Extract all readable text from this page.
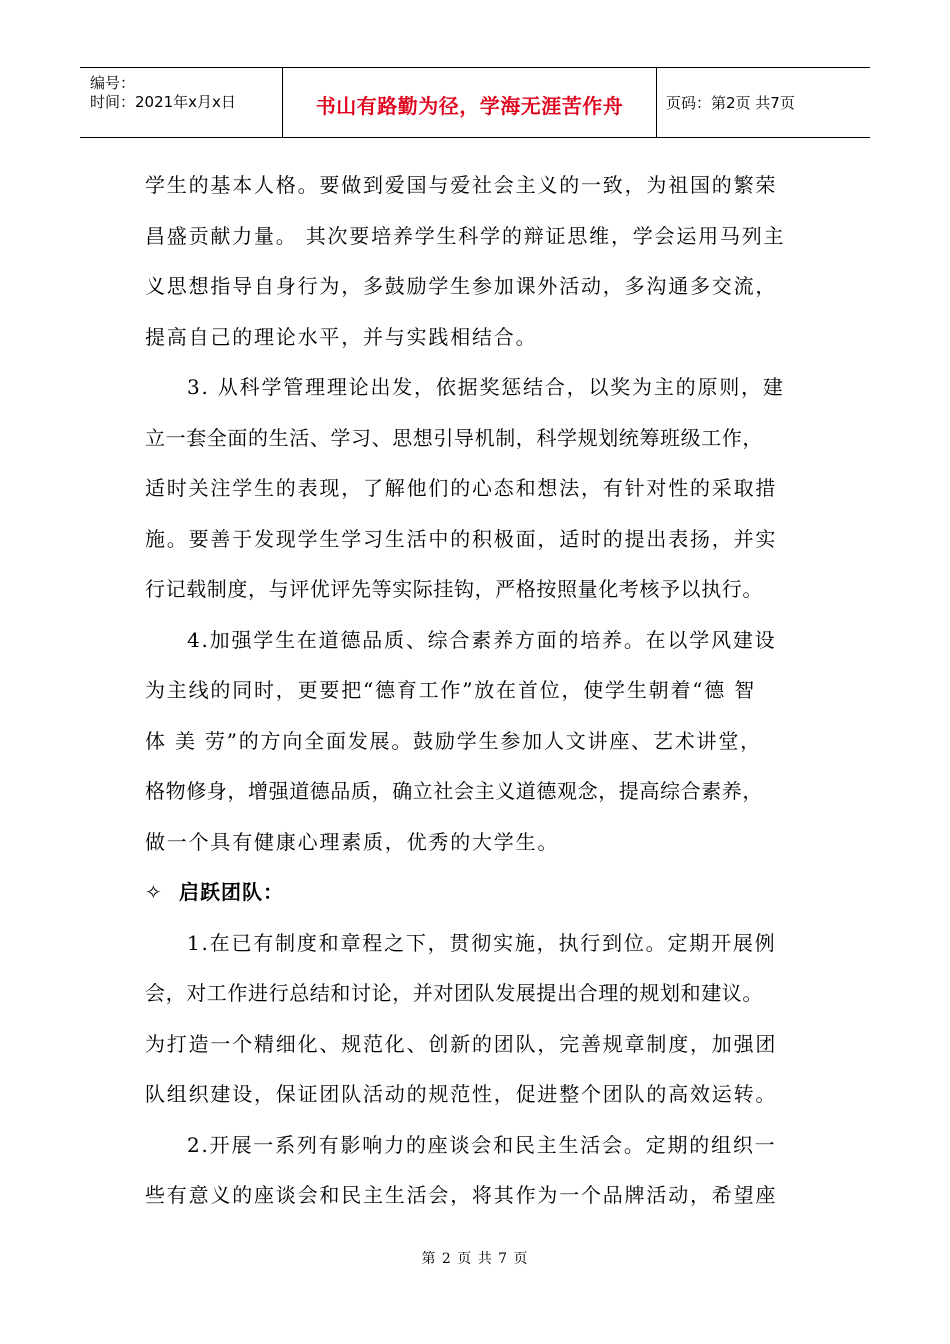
编号：
时间：2021年x月x日	书山有路勤为径，学海无涯苦作舟	页码：第2页 共7页
学生的基本人格。要做到爱国与爱社会主义的一致，为祖国的繁荣
昌盛贡献力量。 其次要培养学生科学的辩证思维，学会运用马列主
义思想指导自身行为，多鼓励学生参加课外活动，多沟通多交流，
提高自己的理论水平，并与实践相结合。
3. 从科学管理理论出发，依据奖惩结合，以奖为主的原则，建
立一套全面的生活、学习、思想引导机制，科学规划统筹班级工作，
适时关注学生的表现，了解他们的心态和想法，有针对性的采取措
施。要善于发现学生学习生活中的积极面，适时的提出表扬，并实
行记载制度，与评优评先等实际挂钩，严格按照量化考核予以执行。
4.加强学生在道德品质、综合素养方面的培养。在以学风建设
为主线的同时，更要把“德育工作”放在首位，使学生朝着“德 智
体 美 劳”的方向全面发展。鼓励学生参加人文讲座、艺术讲堂，
格物修身，增强道德品质，确立社会主义道德观念，提高综合素养，
做一个具有健康心理素质，优秀的大学生。
✧ 启跃团队：
1.在已有制度和章程之下，贯彻实施，执行到位。定期开展例
会，对工作进行总结和讨论，并对团队发展提出合理的规划和建议。
为打造一个精细化、规范化、创新的团队，完善规章制度，加强团
队组织建设，保证团队活动的规范性，促进整个团队的高效运转。
2.开展一系列有影响力的座谈会和民主生活会。定期的组织一
些有意义的座谈会和民主生活会，将其作为一个品牌活动，希望座
第 2 页 共 7 页
